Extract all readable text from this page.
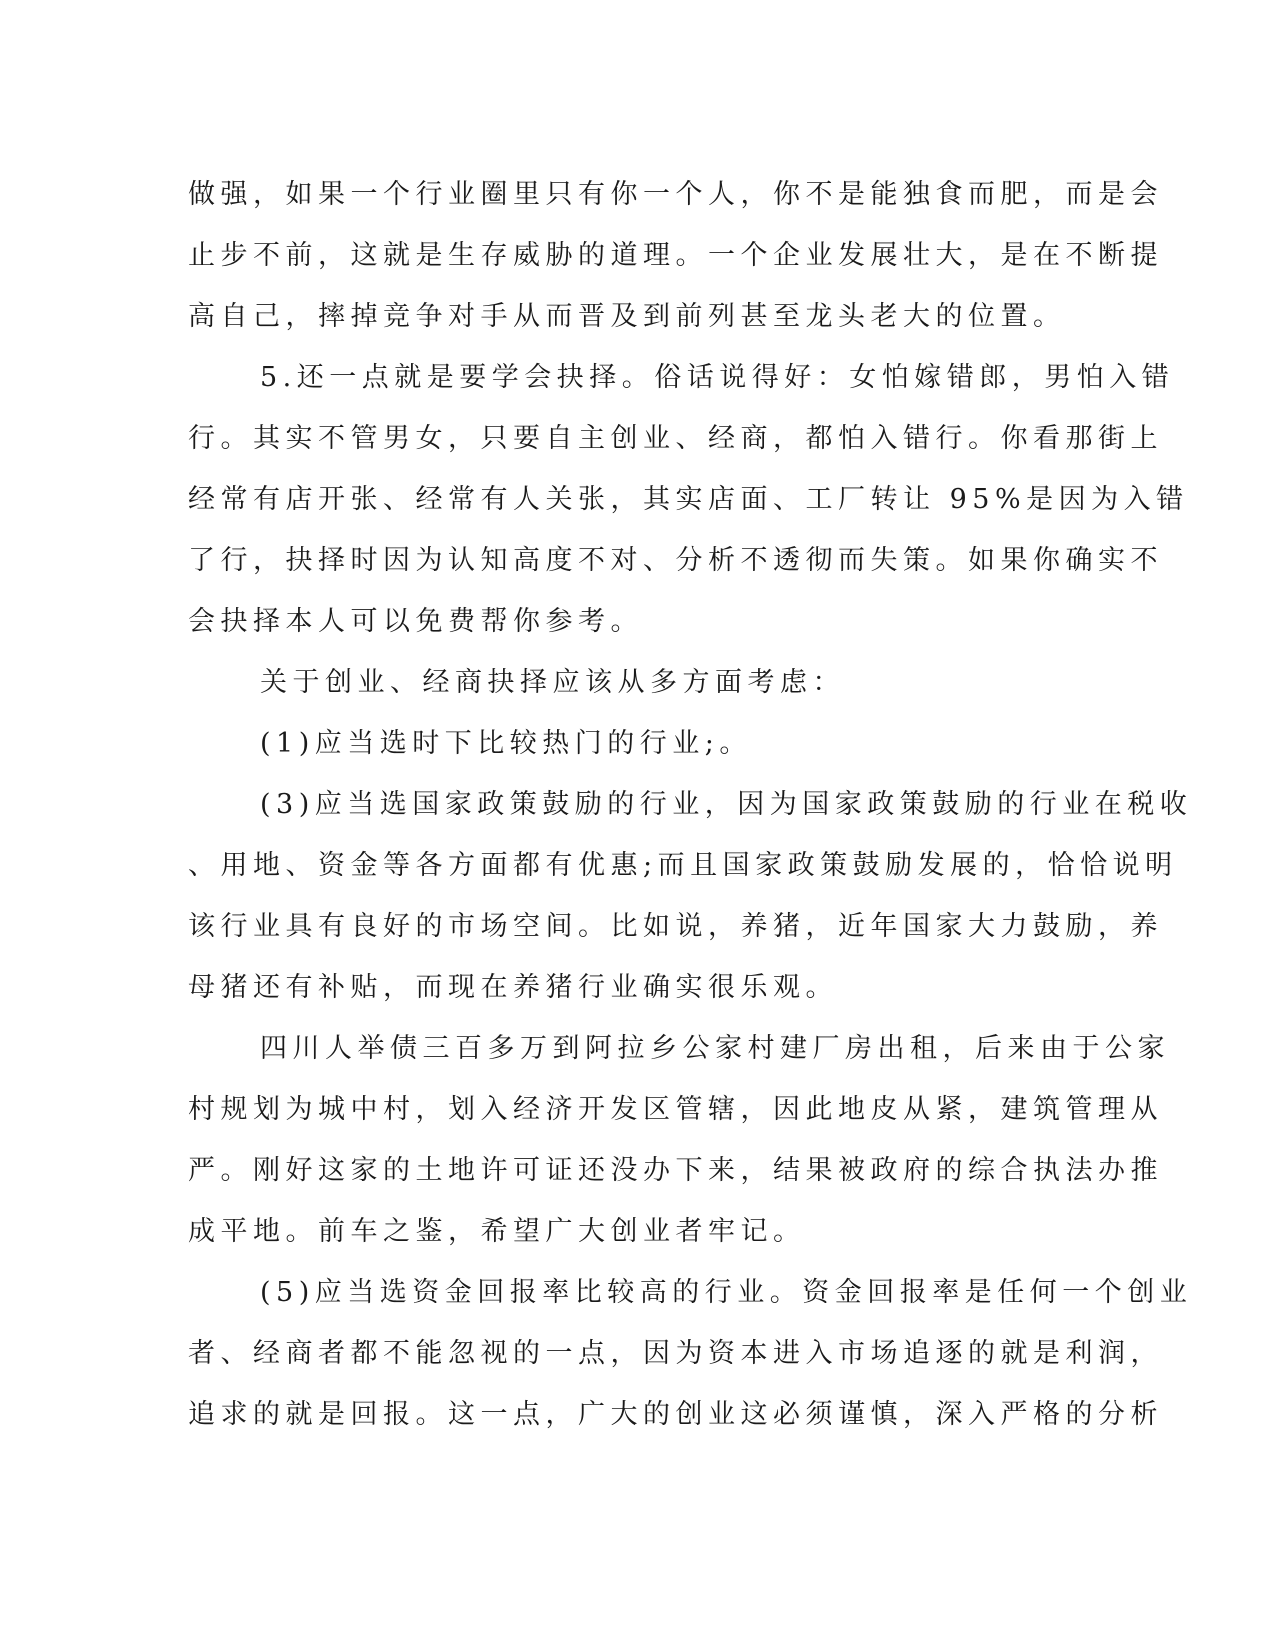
做强，如果一个行业圈里只有你一个人，你不是能独食而肥，而是会
止步不前，这就是生存威胁的道理。一个企业发展壮大，是在不断提
高自己，摔掉竞争对手从而晋及到前列甚至龙头老大的位置。
5.还一点就是要学会抉择。俗话说得好：女怕嫁错郎，男怕入错
行。其实不管男女，只要自主创业、经商，都怕入错行。你看那街上
经常有店开张、经常有人关张，其实店面、工厂转让 95%是因为入错
了行，抉择时因为认知高度不对、分析不透彻而失策。如果你确实不
会抉择本人可以免费帮你参考。
关于创业、经商抉择应该从多方面考虑：
(1)应当选时下比较热门的行业;。
(3)应当选国家政策鼓励的行业，因为国家政策鼓励的行业在税收
、用地、资金等各方面都有优惠;而且国家政策鼓励发展的，恰恰说明
该行业具有良好的市场空间。比如说，养猪，近年国家大力鼓励，养
母猪还有补贴，而现在养猪行业确实很乐观。
四川人举债三百多万到阿拉乡公家村建厂房出租，后来由于公家
村规划为城中村，划入经济开发区管辖，因此地皮从紧，建筑管理从
严。刚好这家的土地许可证还没办下来，结果被政府的综合执法办推
成平地。前车之鉴，希望广大创业者牢记。
(5)应当选资金回报率比较高的行业。资金回报率是任何一个创业
者、经商者都不能忽视的一点，因为资本进入市场追逐的就是利润，
追求的就是回报。这一点，广大的创业这必须谨慎，深入严格的分析
